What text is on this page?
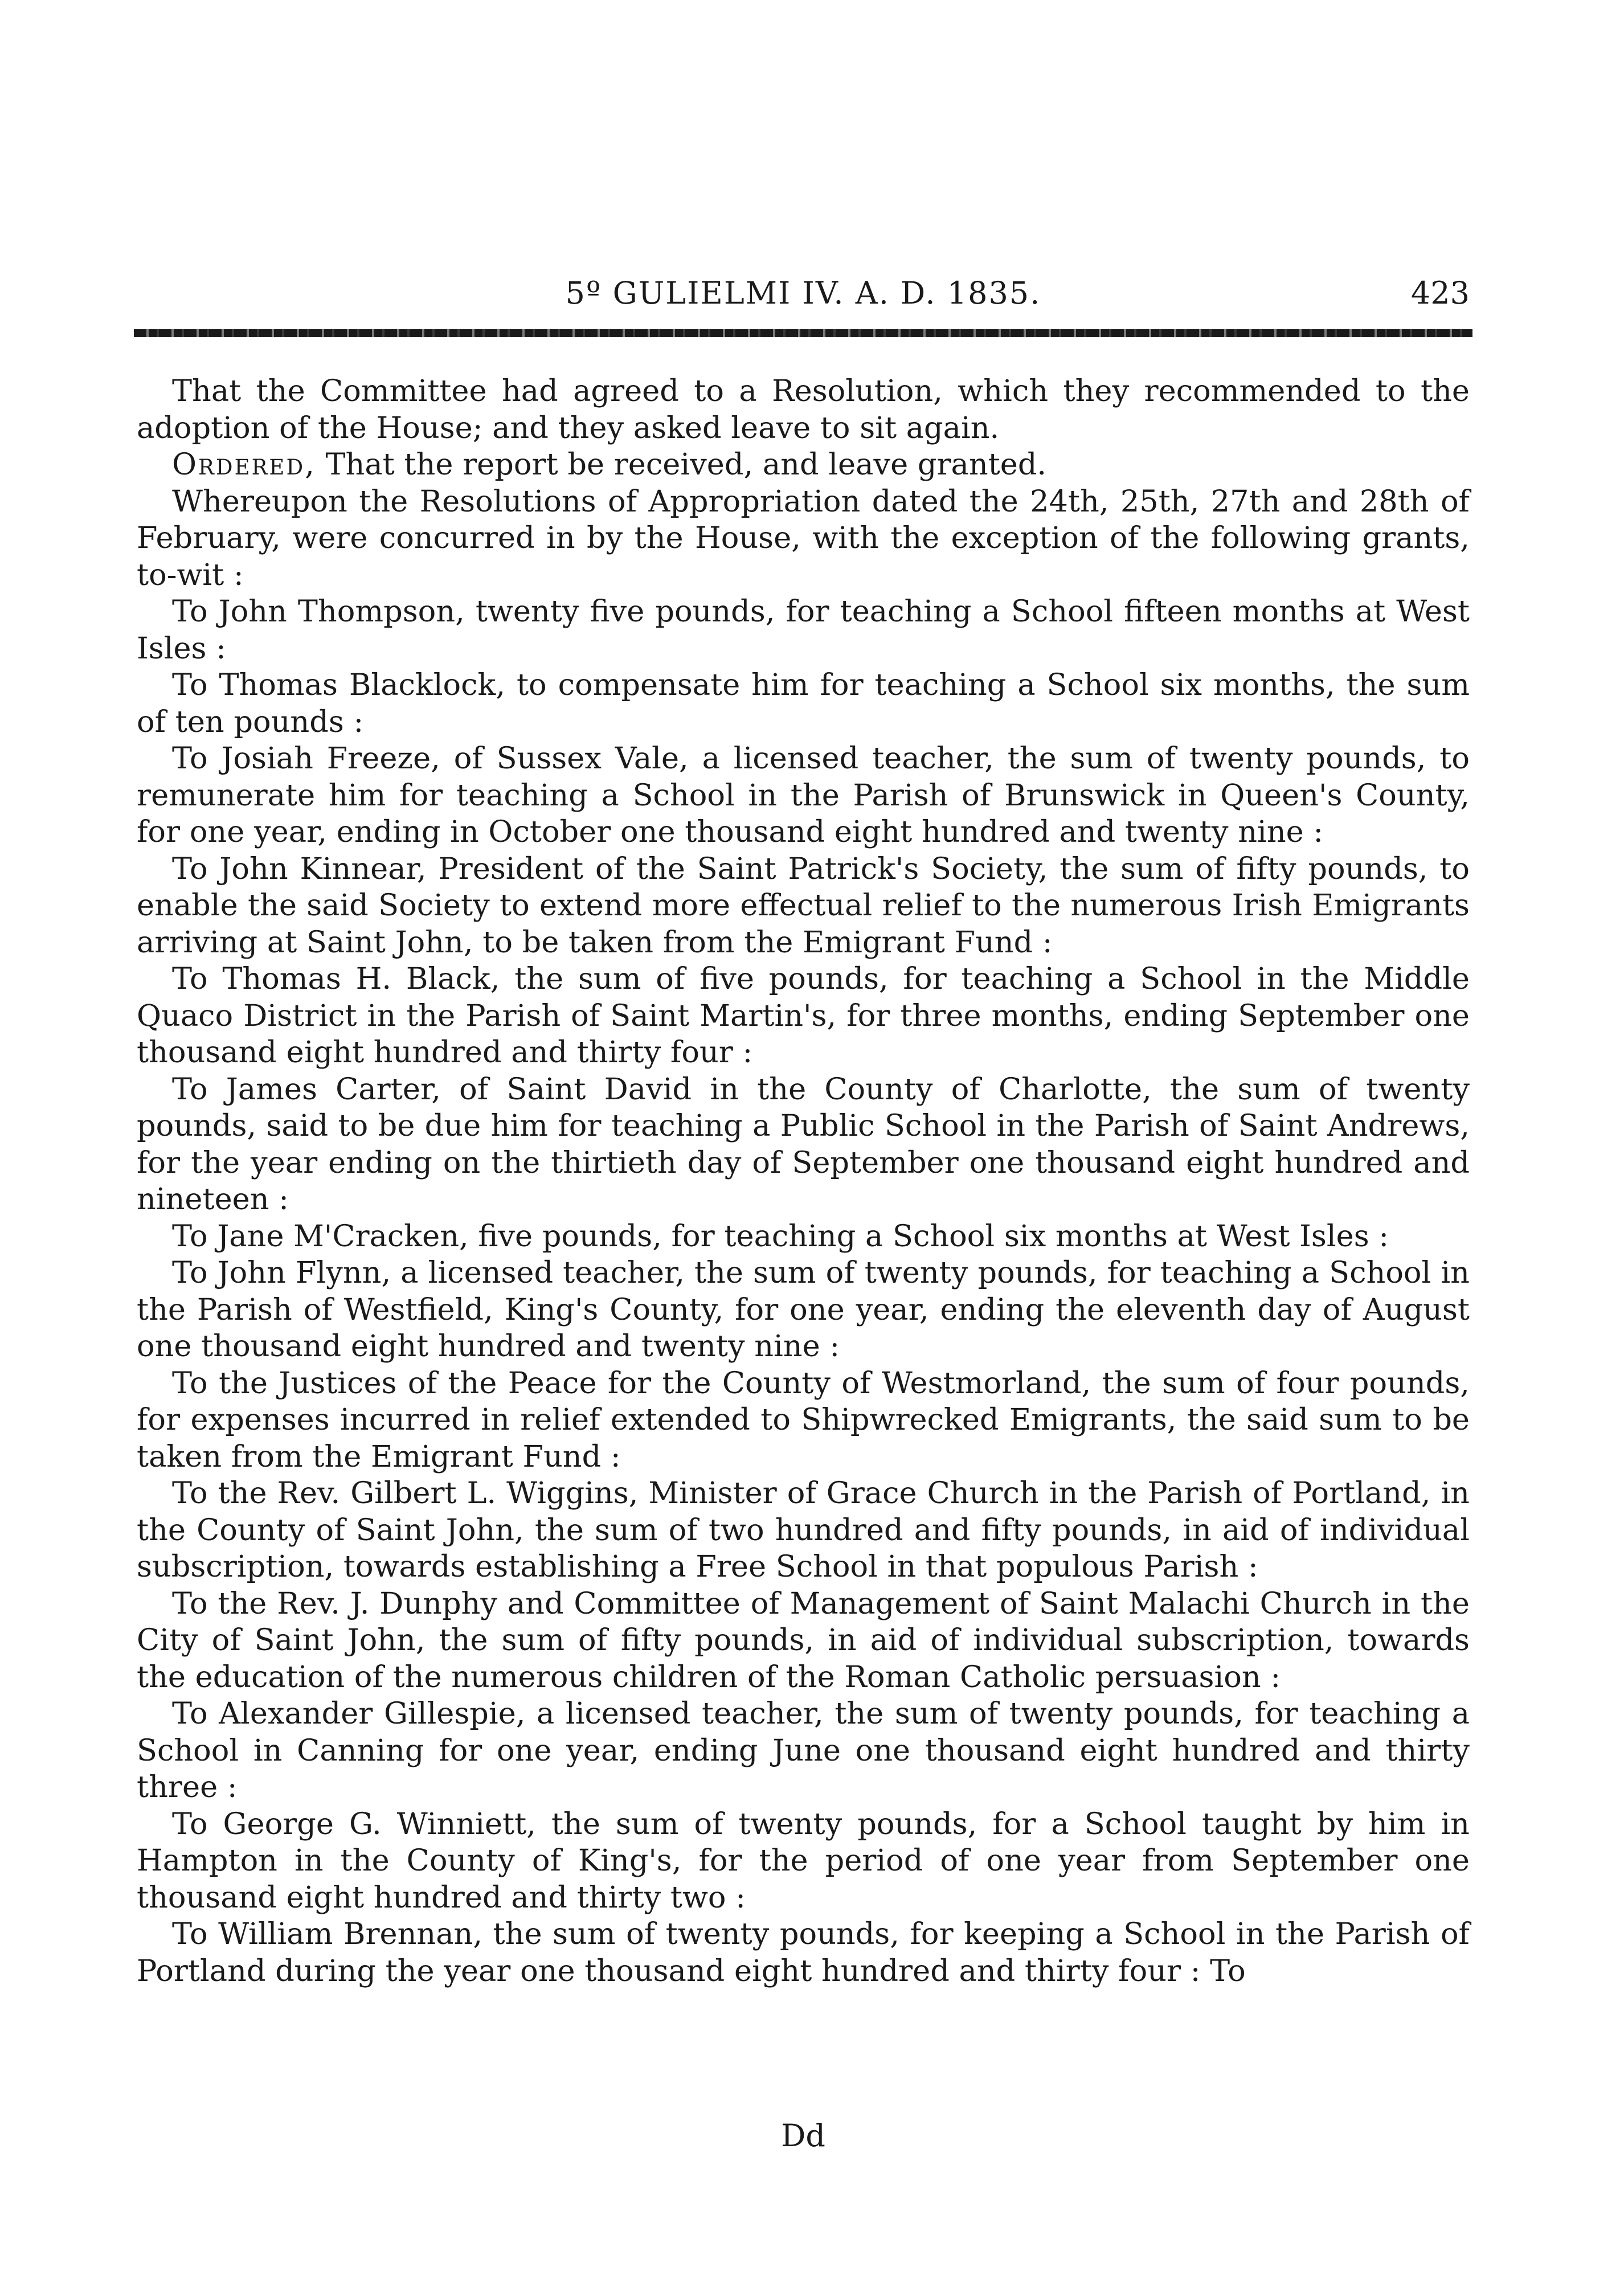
5º GULIELMI IV. A. D. 1835.	423

That the Committee had agreed to a Resolution, which they recommended to the adoption of the House; and they asked leave to sit again.

Ordered, That the report be received, and leave granted.

Whereupon the Resolutions of Appropriation dated the 24th, 25th, 27th and 28th of February, were concurred in by the House, with the exception of the following grants, to-wit :

To John Thompson, twenty five pounds, for teaching a School fifteen months at West Isles :

To Thomas Blacklock, to compensate him for teaching a School six months, the sum of ten pounds :

To Josiah Freeze, of Sussex Vale, a licensed teacher, the sum of twenty pounds, to remunerate him for teaching a School in the Parish of Brunswick in Queen's County, for one year, ending in October one thousand eight hundred and twenty nine :

To John Kinnear, President of the Saint Patrick's Society, the sum of fifty pounds, to enable the said Society to extend more effectual relief to the numerous Irish Emigrants arriving at Saint John, to be taken from the Emigrant Fund :

To Thomas H. Black, the sum of five pounds, for teaching a School in the Middle Quaco District in the Parish of Saint Martin's, for three months, ending September one thousand eight hundred and thirty four :

To James Carter, of Saint David in the County of Charlotte, the sum of twenty pounds, said to be due him for teaching a Public School in the Parish of Saint Andrews, for the year ending on the thirtieth day of September one thousand eight hundred and nineteen :

To Jane M'Cracken, five pounds, for teaching a School six months at West Isles :

To John Flynn, a licensed teacher, the sum of twenty pounds, for teaching a School in the Parish of Westfield, King's County, for one year, ending the eleventh day of August one thousand eight hundred and twenty nine :

To the Justices of the Peace for the County of Westmorland, the sum of four pounds, for expenses incurred in relief extended to Shipwrecked Emigrants, the said sum to be taken from the Emigrant Fund :

To the Rev. Gilbert L. Wiggins, Minister of Grace Church in the Parish of Portland, in the County of Saint John, the sum of two hundred and fifty pounds, in aid of individual subscription, towards establishing a Free School in that populous Parish :

To the Rev. J. Dunphy and Committee of Management of Saint Malachi Church in the City of Saint John, the sum of fifty pounds, in aid of individual subscription, towards the education of the numerous children of the Roman Catholic persuasion :

To Alexander Gillespie, a licensed teacher, the sum of twenty pounds, for teaching a School in Canning for one year, ending June one thousand eight hundred and thirty three :

To George G. Winniett, the sum of twenty pounds, for a School taught by him in Hampton in the County of King's, for the period of one year from September one thousand eight hundred and thirty two :

To William Brennan, the sum of twenty pounds, for keeping a School in the Parish of Portland during the year one thousand eight hundred and thirty four : To

Dd
